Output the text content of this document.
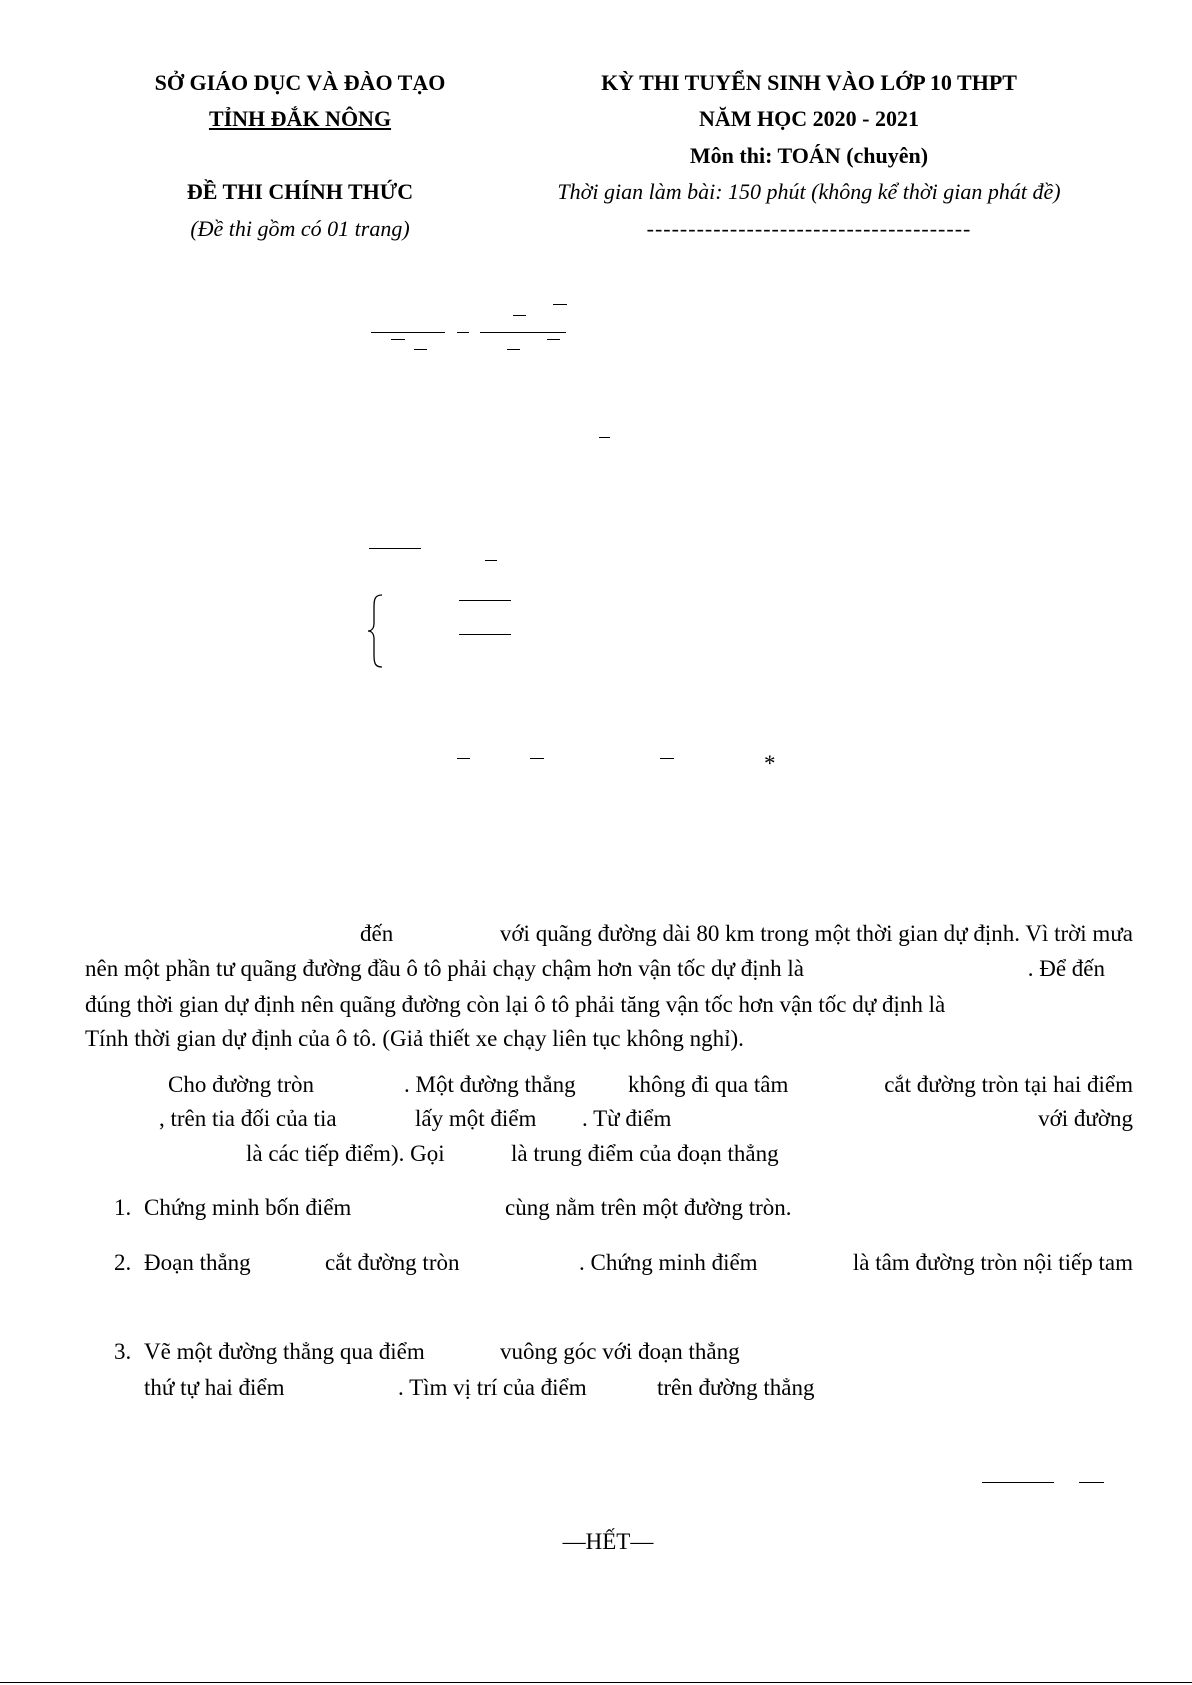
SỞ GIÁO DỤC VÀ ĐÀO TẠO
TỈNH ĐẮK NÔNG
ĐỀ THI CHÍNH THỨC
(Đề thi gồm có 01 trang)
KỲ THI TUYỂN SINH VÀO LỚP 10 THPT
NĂM HỌC 2020 - 2021
Môn thi: TOÁN (chuyên)
Thời gian làm bài: 150 phút (không kể thời gian phát đề)
---------------------------------------
*
đến	với quãng đường dài 80 km trong một thời gian dự định. Vì trời mưa
nên một phần tư quãng đường đầu ô tô phải chạy chậm hơn vận tốc dự định là	. Để đến
đúng thời gian dự định nên quãng đường còn lại ô tô phải tăng vận tốc hơn vận tốc dự định là
Tính thời gian dự định của ô tô. (Giả thiết xe chạy liên tục không nghỉ).
Cho đường tròn	. Một đường thẳng không đi qua tâm	cắt đường tròn tại hai điểm
, trên tia đối của tia	lấy một điểm . Từ điểm	với đường
là các tiếp điểm). Gọi	là trung điểm của đoạn thẳng
1. Chứng minh bốn điểm	cùng nằm trên một đường tròn.
2. Đoạn thẳng	cắt đường tròn	. Chứng minh điểm	là tâm đường tròn nội tiếp tam
3. Vẽ một đường thẳng qua điểm	vuông góc với đoạn thẳng
thứ tự hai điểm	. Tìm vị trí của điểm	trên đường thẳng
—HẾT—
